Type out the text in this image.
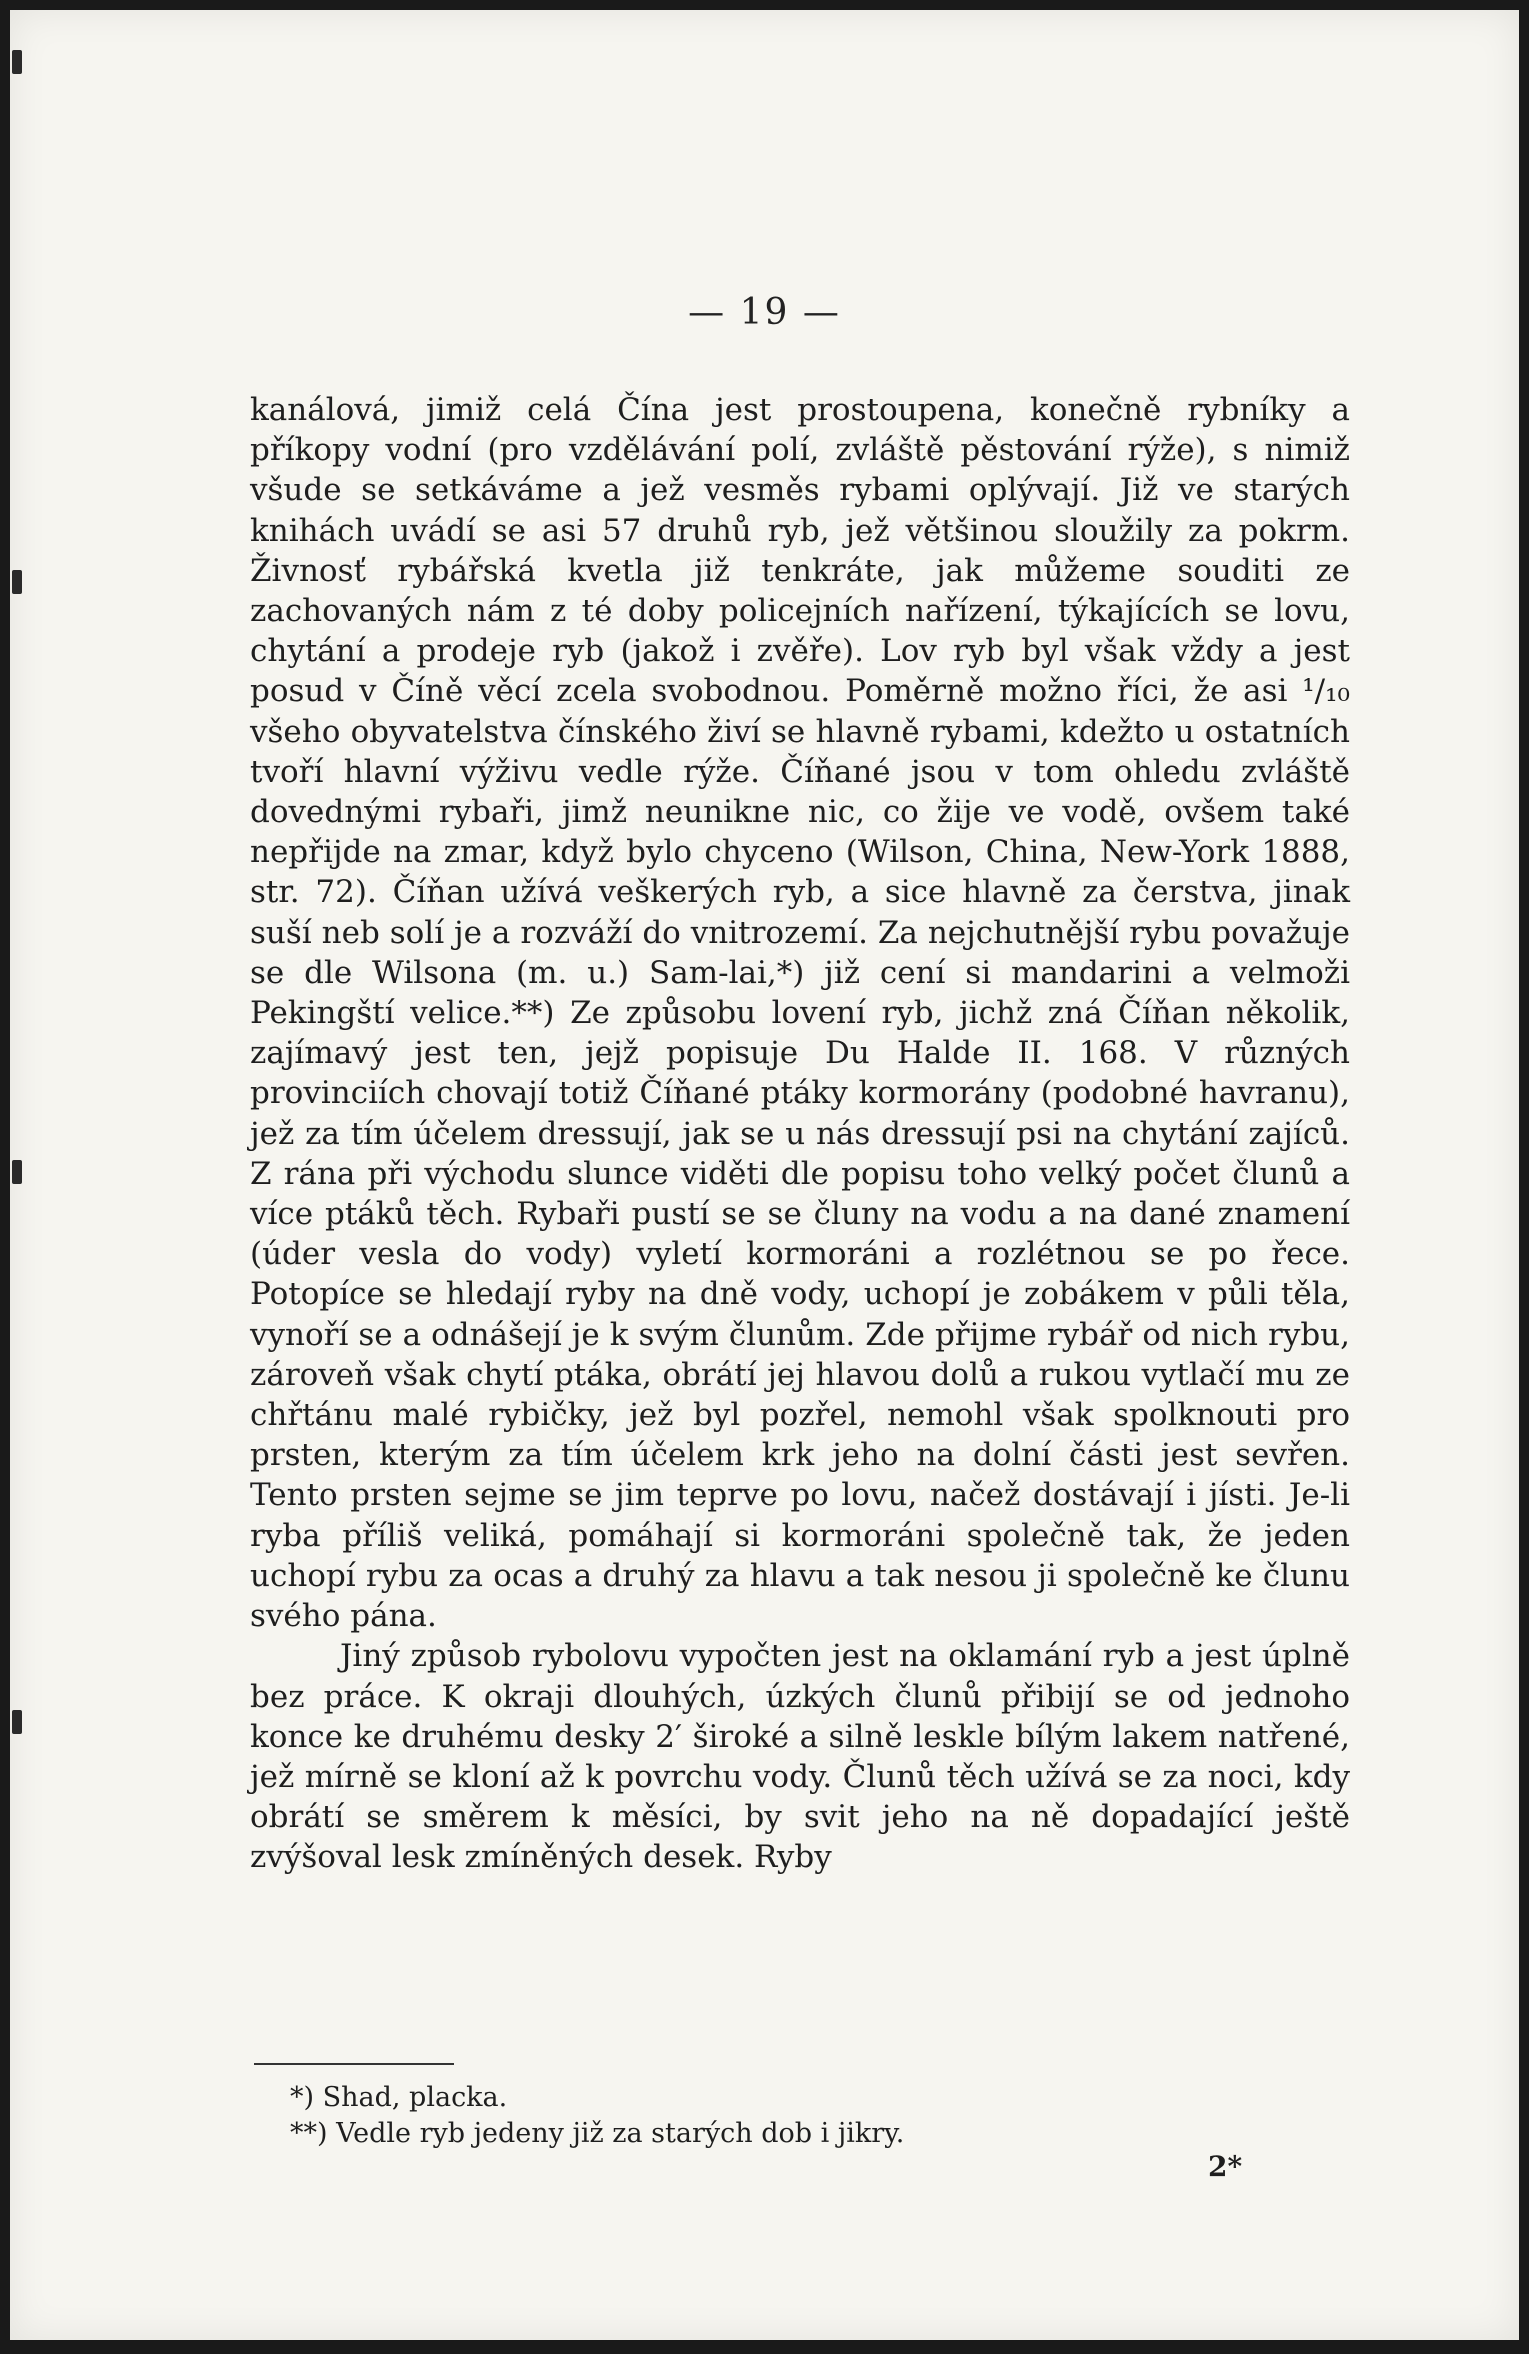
— 19 —

kanálová, jimiž celá Čína jest prostoupena, konečně rybníky a příkopy vodní (pro vzdělávání polí, zvláště pěstování rýže), s nimiž všude se setkáváme a jež vesměs rybami oplývají. Již ve starých knihách uvádí se asi 57 druhů ryb, jež většinou sloužily za pokrm. Živnosť rybářská kvetla již tenkráte, jak můžeme souditi ze zachovaných nám z té doby policejních nařízení, týkajících se lovu, chytání a prodeje ryb (jakož i zvěře). Lov ryb byl však vždy a jest posud v Číně věcí zcela svobodnou. Poměrně možno říci, že asi ¹/₁₀ všeho obyvatelstva čínského živí se hlavně rybami, kdežto u ostatních tvoří hlavní výživu vedle rýže. Číňané jsou v tom ohledu zvláště dovednými rybaři, jimž neunikne nic, co žije ve vodě, ovšem také nepřijde na zmar, když bylo chyceno (Wilson, China, New-York 1888, str. 72). Číňan užívá veškerých ryb, a sice hlavně za čerstva, jinak suší neb solí je a rozváží do vnitrozemí. Za nejchutnější rybu považuje se dle Wilsona (m. u.) Sam-lai,*) již cení si mandarini a velmoži Pekingští velice.**) Ze způsobu lovení ryb, jichž zná Číňan několik, zajímavý jest ten, jejž popisuje Du Halde II. 168. V různých provinciích chovají totiž Číňané ptáky kormorány (podobné havranu), jež za tím účelem dressují, jak se u nás dressují psi na chytání zajíců. Z rána při východu slunce viděti dle popisu toho velký počet člunů a více ptáků těch. Rybaři pustí se se čluny na vodu a na dané znamení (úder vesla do vody) vyletí kormoráni a rozlétnou se po řece. Potopíce se hledají ryby na dně vody, uchopí je zobákem v půli těla, vynoří se a odnášejí je k svým člunům. Zde přijme rybář od nich rybu, zároveň však chytí ptáka, obrátí jej hlavou dolů a rukou vytlačí mu ze chřtánu malé rybičky, jež byl pozřel, nemohl však spolknouti pro prsten, kterým za tím účelem krk jeho na dolní části jest sevřen. Tento prsten sejme se jim teprve po lovu, načež dostávají i jísti. Je-li ryba příliš veliká, pomáhají si kormoráni společně tak, že jeden uchopí rybu za ocas a druhý za hlavu a tak nesou ji společně ke člunu svého pána.

Jiný způsob rybolovu vypočten jest na oklamání ryb a jest úplně bez práce. K okraji dlouhých, úzkých člunů přibijí se od jednoho konce ke druhému desky 2′ široké a silně leskle bílým lakem natřené, jež mírně se kloní až k povrchu vody. Člunů těch užívá se za noci, kdy obrátí se směrem k měsíci, by svit jeho na ně dopadající ještě zvýšoval lesk zmíněných desek. Ryby

*) Shad, placka.

**) Vedle ryb jedeny již za starých dob i jikry.

2*
